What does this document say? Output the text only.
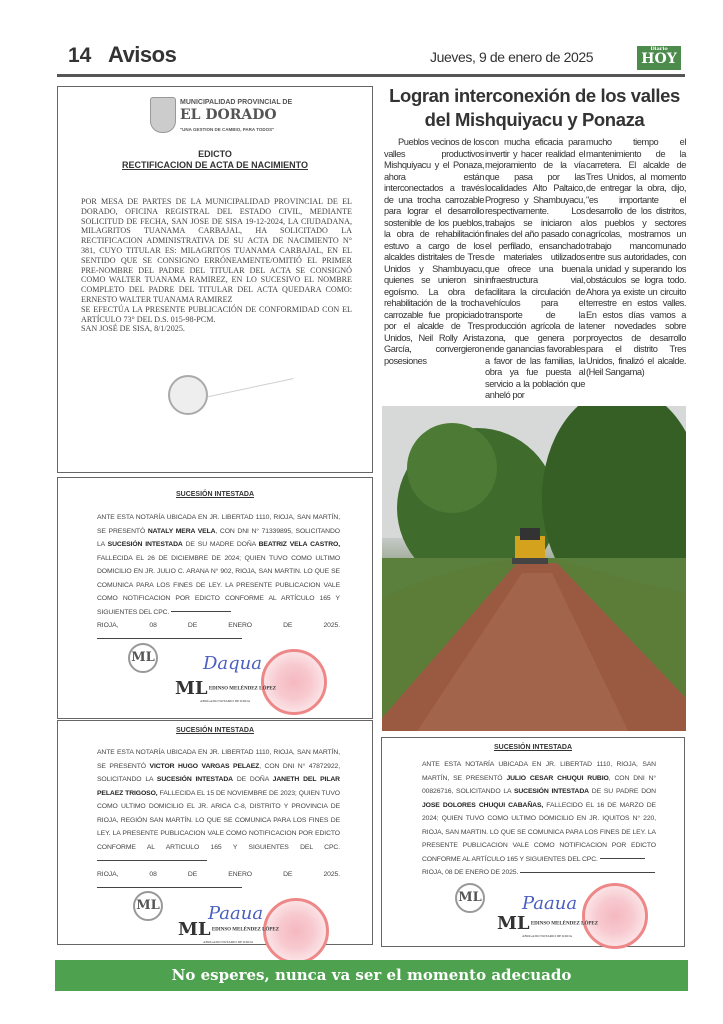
14 Avisos	Jueves, 9 de enero de 2025	Diario
HOY
MUNICIPALIDAD PROVINCIAL DE
EL DORADO
"UNA GESTION DE CAMBIO, PARA TODOS"
EDICTO
RECTIFICACION DE ACTA DE NACIMIENTO
POR MESA DE PARTES DE LA MUNICIPALIDAD PROVINCIAL DE EL DORADO, OFICINA REGISTRAL DEL ESTADO CIVIL, MEDIANTE SOLICITUD DE FECHA, SAN JOSE DE SISA 19-12-2024, LA CIUDADANA, MILAGRITOS TUANAMA CARBAJAL, HA SOLICITADO LA RECTIFICACION ADMINISTRATIVA DE SU ACTA DE NACIMIENTO N° 381, CUYO TITULAR ES: MILAGRITOS TUANAMA CARBAJAL, EN EL SENTIDO QUE SE CONSIGNO ERRÓNEAMENTE/OMITIÓ EL PRIMER PRE-NOMBRE DEL PADRE DEL TITULAR DEL ACTA SE CONSIGNÓ COMO WALTER TUANAMA RAMIREZ, EN LO SUCESIVO EL NOMBRE COMPLETO DEL PADRE DEL TITULAR DEL ACTA QUEDARA COMO: ERNESTO WALTER TUANAMA RAMIREZ
SE EFECTÚA LA PRESENTE PUBLICACIÓN DE CONFORMIDAD CON EL ARTÍCULO 73° DEL D.S. 015-98-PCM.
SAN JOSÉ DE SISA, 8/1/2025.
SUCESIÓN INTESTADA
ANTE ESTA NOTARÍA UBICADA EN JR. LIBERTAD 1110, RIOJA, SAN MARTÍN, SE PRESENTÓ NATALY MERA VELA, CON DNI N° 71339895, SOLICITANDO LA SUCESIÓN INTESTADA DE SU MADRE DOÑA BEATRIZ VELA CASTRO, FALLECIDA EL 26 DE DICIEMBRE DE 2024; QUIEN TUVO COMO ULTIMO DOMICILIO EN JR. JULIO C. ARANA N° 902, RIOJA, SAN MARTIN. LO QUE SE COMUNICA PARA LOS FINES DE LEY. LA PRESENTE PUBLICACION VALE COMO NOTIFICACION POR EDICTO CONFORME AL ARTÍCULO 165 Y SIGUIENTES DEL CPC.
RIOJA, 08 DE ENERO DE 2025.
ML	Daqua
ML EDINSO MELÉNDEZ LÓPEZ
ABOGADO NOTARIO DE RIOJA
SUCESIÓN INTESTADA
ANTE ESTA NOTARÍA UBICADA EN JR. LIBERTAD 1110, RIOJA, SAN MARTÍN, SE PRESENTÓ VICTOR HUGO VARGAS PELAEZ, CON DNI N° 47872922, SOLICITANDO LA SUCESIÓN INTESTADA DE DOÑA JANETH DEL PILAR PELAEZ TRIGOSO, FALLECIDA EL 15 DE NOVIEMBRE DE 2023; QUIEN TUVO COMO ULTIMO DOMICILIO EL JR. ARICA C-8, DISTRITO Y PROVINCIA DE RIOJA, REGIÓN SAN MARTÍN. LO QUE SE COMUNICA PARA LOS FINES DE LEY. LA PRESENTE PUBLICACION VALE COMO NOTIFICACION POR EDICTO CONFORME AL ARTICULO 165 Y SIGUIENTES DEL CPC.
RIOJA, 08 DE ENERO DE 2025.
ML	Paaua
ML EDINSO MELÉNDEZ LÓPEZ
ABOGADO NOTARIO DE RIOJA
SUCESIÓN INTESTADA
ANTE ESTA NOTARÍA UBICADA EN JR. LIBERTAD 1110, RIOJA, SAN MARTÍN, SE PRESENTÓ JULIO CESAR CHUQUI RUBIO, CON DNI N° 00826716, SOLICITANDO LA SUCESIÓN INTESTADA DE SU PADRE DON JOSE DOLORES CHUQUI CABAÑAS, FALLECIDO EL 16 DE MARZO DE 2024; QUIEN TUVO COMO ULTIMO DOMICILIO EN JR. IQUITOS N° 220, RIOJA, SAN MARTIN. LO QUE SE COMUNICA PARA LOS FINES DE LEY. LA PRESENTE PUBLICACION VALE COMO NOTIFICACION POR EDICTO CONFORME AL ARTÍCULO 165 Y SIGUIENTES DEL CPC.
RIOJA, 08 DE ENERO DE 2025.
ML Paaua
ML EDINSO MELÉNDEZ LÓPEZ
ABOGADO NOTARIO DE RIOJA
Logran interconexión de los valles del Mishquiyacu y Ponaza
Pueblos vecinos de los valles productivos Mishquiyacu y el Ponaza, ahora están interconectados a través de una trocha carrozable para lograr el desarrollo sostenible de los pueblos, la obra de rehabilitación estuvo a cargo de los alcaldes distritales de Tres Unidos y Shambuyacu, quienes se unieron sin egoísmo. La obra de rehabilitación de la trocha carrozable fue propiciado por el alcalde de Tres Unidos, Neil Rolly Arista García, convergieron posesiones
con mucha eficacia para invertir y hacer realidad el mejoramiento de la vía que pasa por las localidades Alto Paltaico, Progreso y Shambuyacu, respectivamente. Los trabajos se iniciaron a finales del año pasado con el perfilado, ensanchado de materiales utilizados que ofrece una buena infraestructura vial, facilitara la circulación de vehículos para el transporte de la producción agrícola de la zona, que genera por ende ganancias favorables a favor de las familias, la obra ya fue puesta al servicio a la población que anheló por
mucho tiempo el mantenimiento de la carretera. El alcalde de Tres Unidos, al momento de entregar la obra, dijo, "es importante el desarrollo de los distritos, los pueblos y sectores agrícolas, mostramos un trabajo mancomunado entre sus autoridades, con la unidad y superando los obstáculos se logra todo. Ahora ya existe un circuito terrestre en estos valles. En estos días vamos a tener novedades sobre proyectos de desarrollo para el distrito Tres Unidos, finalizó el alcalde. (Heil Sangama)
No esperes, nunca va ser el momento adecuado
